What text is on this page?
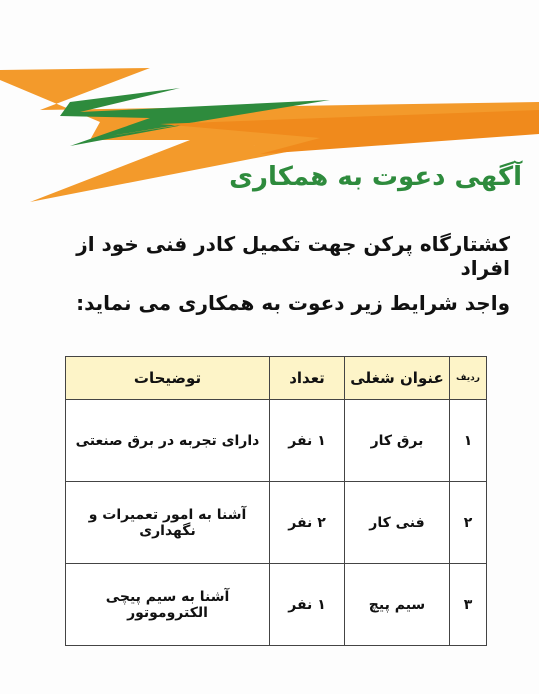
آگهی دعوت به همکاری
کشتارگاه پرکن جهت تکمیل کادر فنی خود از افراد
واجد شرایط زیر دعوت به همکاری می نماید:
ردیف	عنوان شغلی	تعداد	توضیحات
۱	برق کار	۱ نفر	دارای تجربه در برق صنعتی
۲	فنی کار	۲ نفر	آشنا به امور تعمیرات و نگهداری
۳	سیم پیچ	۱ نفر	آشنا به سیم پیچی الکتروموتور
